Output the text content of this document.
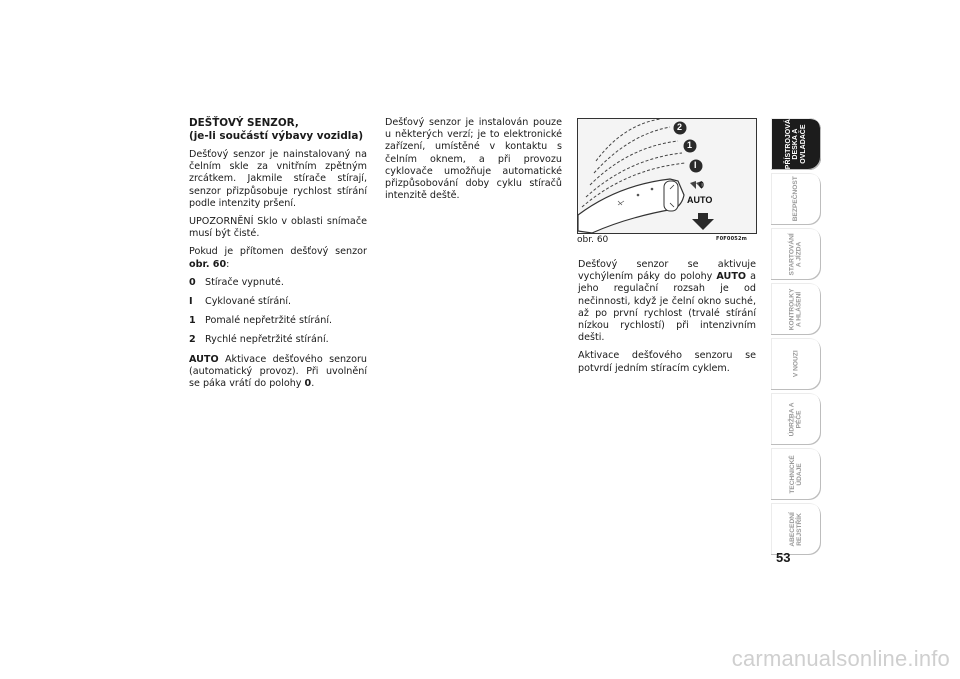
DEŠŤOVÝ SENZOR,
(je-li součástí výbavy vozidla)

Dešťový senzor je nainstalovaný na čelním skle za vnitřním zpětným zrcátkem. Jakmile stírače stírají, senzor přizpůsobuje rychlost stírání podle intenzity pršení.

UPOZORNĚNÍ Sklo v oblasti snímače musí být čisté.

Pokud je přítomen dešťový senzor obr. 60:

0 Stírače vypnuté.
I	Cyklované stírání.
1 Pomalé nepřetržité stírání.
2 Rychlé nepřetržité stírání.

AUTO Aktivace dešťového senzoru (automatický provoz). Při uvolnění se páka vrátí do polohy 0.

Dešťový senzor je instalován pouze u některých verzí; je to elektronické zařízení, umístěné v kontaktu s čelním oknem, a při provozu cyklovače umožňuje automatické přizpůsobování doby cyklu stíračů intenzitě deště.

2
1
I
0
AUTO
obr. 60	F0F0052m

Dešťový senzor se aktivuje vychýlením páky do polohy AUTO a jeho regulační rozsah je od nečinnosti, když je čelní okno suché, až po první rychlost (trvalé stírání nízkou rychlostí) při intenzivním dešti.

Aktivace dešťového senzoru se potvrdí jedním stíracím cyklem.

PŘÍSTROJOVÁ
DESKA A
OVLADAČE
BEZPEČNOST
STARTOVÁNÍ
A JÍZDA
KONTROLKY
A HLÁŠENÍ
V NOUZI
ÚDRŽBA A
PÉČE
TECHNICKÉ
ÚDAJE
ABECEDNÍ
REJSTŘÍK
53
carmanualsonline.info
